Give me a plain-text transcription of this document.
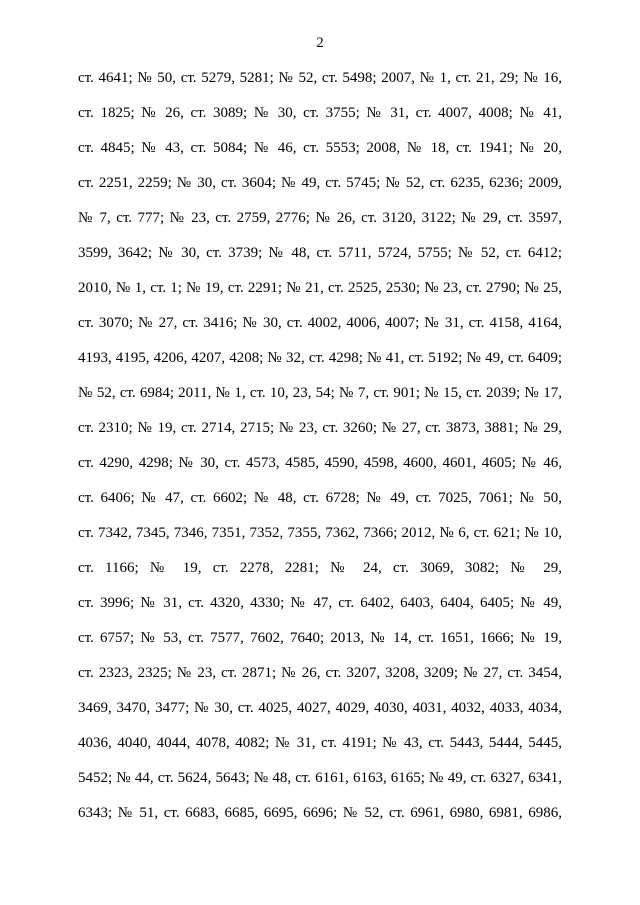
2
ст. 4641; № 50, ст. 5279, 5281; № 52, ст. 5498; 2007, № 1, ст. 21, 29; № 16,
ст. 1825; № 26, ст. 3089; № 30, ст. 3755; № 31, ст. 4007, 4008; № 41,
ст. 4845; № 43, ст. 5084; № 46, ст. 5553; 2008, № 18, ст. 1941; № 20,
ст. 2251, 2259; № 30, ст. 3604; № 49, ст. 5745; № 52, ст. 6235, 6236; 2009,
№ 7, ст. 777; № 23, ст. 2759, 2776; № 26, ст. 3120, 3122; № 29, ст. 3597,
3599, 3642; № 30, ст. 3739; № 48, ст. 5711, 5724, 5755; № 52, ст. 6412;
2010, № 1, ст. 1; № 19, ст. 2291; № 21, ст. 2525, 2530; № 23, ст. 2790; № 25,
ст. 3070; № 27, ст. 3416; № 30, ст. 4002, 4006, 4007; № 31, ст. 4158, 4164,
4193, 4195, 4206, 4207, 4208; № 32, ст. 4298; № 41, ст. 5192; № 49, ст. 6409;
№ 52, ст. 6984; 2011, № 1, ст. 10, 23, 54; № 7, ст. 901; № 15, ст. 2039; № 17,
ст. 2310; № 19, ст. 2714, 2715; № 23, ст. 3260; № 27, ст. 3873, 3881; № 29,
ст. 4290, 4298; № 30, ст. 4573, 4585, 4590, 4598, 4600, 4601, 4605; № 46,
ст. 6406; № 47, ст. 6602; № 48, ст. 6728; № 49, ст. 7025, 7061; № 50,
ст. 7342, 7345, 7346, 7351, 7352, 7355, 7362, 7366; 2012, № 6, ст. 621; № 10,
ст. 1166; № 19, ст. 2278, 2281; № 24, ст. 3069, 3082; № 29,
ст. 3996; № 31, ст. 4320, 4330; № 47, ст. 6402, 6403, 6404, 6405; № 49,
ст. 6757; № 53, ст. 7577, 7602, 7640; 2013, № 14, ст. 1651, 1666; № 19,
ст. 2323, 2325; № 23, ст. 2871; № 26, ст. 3207, 3208, 3209; № 27, ст. 3454,
3469, 3470, 3477; № 30, ст. 4025, 4027, 4029, 4030, 4031, 4032, 4033, 4034,
4036, 4040, 4044, 4078, 4082; № 31, ст. 4191; № 43, ст. 5443, 5444, 5445,
5452; № 44, ст. 5624, 5643; № 48, ст. 6161, 6163, 6165; № 49, ст. 6327, 6341,
6343; № 51, ст. 6683, 6685, 6695, 6696; № 52, ст. 6961, 6980, 6981, 6986,
